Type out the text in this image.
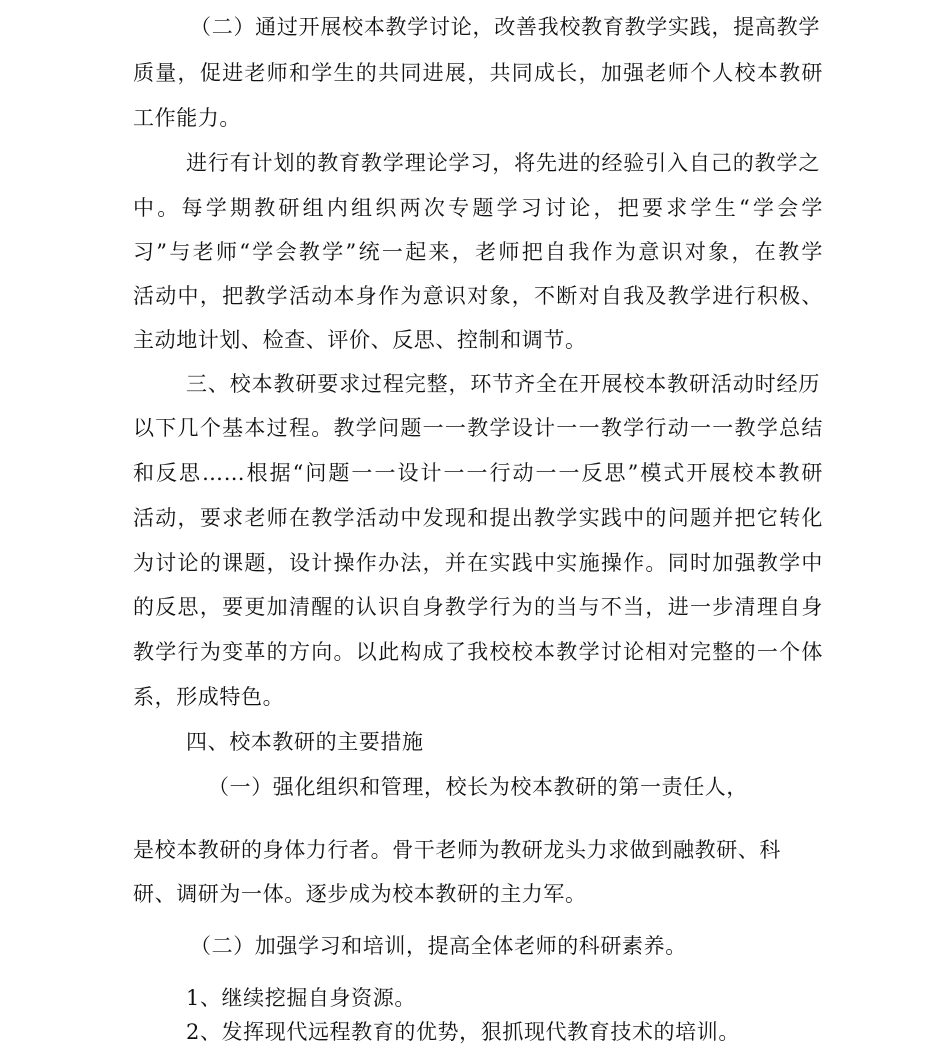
（二）通过开展校本教学讨论，改善我校教育教学实践，提高教学
质量，促进老师和学生的共同进展，共同成长，加强老师个人校本教研
工作能力。
进行有计划的教育教学理论学习，将先进的经验引入自己的教学之
中。每学期教研组内组织两次专题学习讨论，把要求学生“学会学
习”与老师“学会教学”统一起来，老师把自我作为意识对象，在教学
活动中，把教学活动本身作为意识对象，不断对自我及教学进行积极、
主动地计划、检查、评价、反思、控制和调节。
三、校本教研要求过程完整，环节齐全在开展校本教研活动时经历
以下几个基本过程。教学问题一一教学设计一一教学行动一一教学总结
和反思……根据“问题一一设计一一行动一一反思”模式开展校本教研
活动，要求老师在教学活动中发现和提出教学实践中的问题并把它转化
为讨论的课题，设计操作办法，并在实践中实施操作。同时加强教学中
的反思，要更加清醒的认识自身教学行为的当与不当，进一步清理自身
教学行为变革的方向。以此构成了我校校本教学讨论相对完整的一个体
系，形成特色。
四、校本教研的主要措施
（一）强化组织和管理，校长为校本教研的第一责任人，
是校本教研的身体力行者。骨干老师为教研龙头力求做到融教研、科
研、调研为一体。逐步成为校本教研的主力军。
（二）加强学习和培训，提高全体老师的科研素养。
1、继续挖掘自身资源。
2、发挥现代远程教育的优势，狠抓现代教育技术的培训。
